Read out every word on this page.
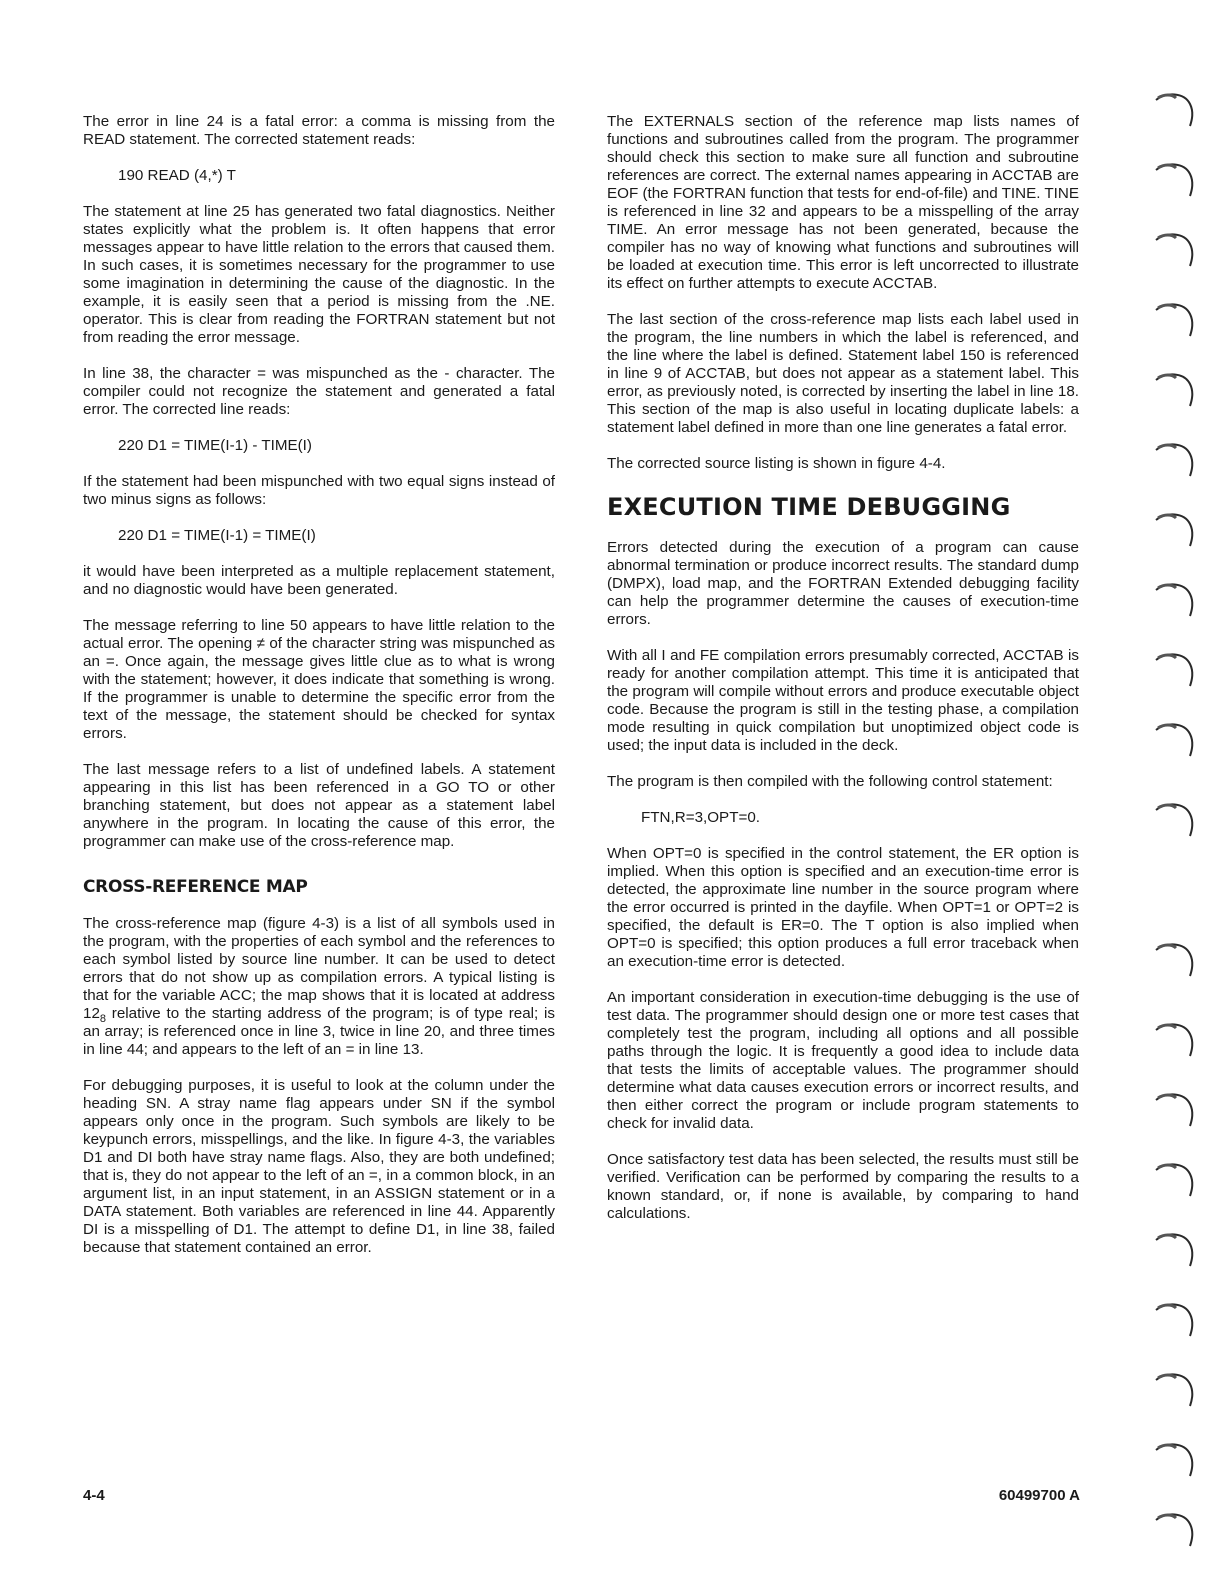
The error in line 24 is a fatal error: a comma is missing from the READ statement. The corrected statement reads:

190 READ (4,*) T

The statement at line 25 has generated two fatal diagnostics. Neither states explicitly what the problem is. It often happens that error messages appear to have little relation to the errors that caused them. In such cases, it is sometimes necessary for the programmer to use some imagination in determining the cause of the diagnostic. In the example, it is easily seen that a period is missing from the .NE. operator. This is clear from reading the FORTRAN statement but not from reading the error message.

In line 38, the character = was mispunched as the - character. The compiler could not recognize the statement and generated a fatal error. The corrected line reads:

220 D1 = TIME(I-1) - TIME(I)

If the statement had been mispunched with two equal signs instead of two minus signs as follows:

220 D1 = TIME(I-1) = TIME(I)

it would have been interpreted as a multiple replacement statement, and no diagnostic would have been generated.

The message referring to line 50 appears to have little relation to the actual error. The opening ≠ of the character string was mispunched as an =. Once again, the message gives little clue as to what is wrong with the statement; however, it does indicate that something is wrong. If the programmer is unable to determine the specific error from the text of the message, the statement should be checked for syntax errors.

The last message refers to a list of undefined labels. A statement appearing in this list has been referenced in a GO TO or other branching statement, but does not appear as a statement label anywhere in the program. In locating the cause of this error, the programmer can make use of the cross-reference map.

CROSS-REFERENCE MAP

The cross-reference map (figure 4-3) is a list of all symbols used in the program, with the properties of each symbol and the references to each symbol listed by source line number. It can be used to detect errors that do not show up as compilation errors. A typical listing is that for the variable ACC; the map shows that it is located at address $12_8$ relative to the starting address of the program; is of type real; is an array; is referenced once in line 3, twice in line 20, and three times in line 44; and appears to the left of an = in line 13.

For debugging purposes, it is useful to look at the column under the heading SN. A stray name flag appears under SN if the symbol appears only once in the program. Such symbols are likely to be keypunch errors, misspellings, and the like. In figure 4-3, the variables D1 and DI both have stray name flags. Also, they are both undefined; that is, they do not appear to the left of an =, in a common block, in an argument list, in an input statement, in an ASSIGN statement or in a DATA statement. Both variables are referenced in line 44. Apparently DI is a misspelling of D1. The attempt to define D1, in line 38, failed because that statement contained an error.

The EXTERNALS section of the reference map lists names of functions and subroutines called from the program. The programmer should check this section to make sure all function and subroutine references are correct. The external names appearing in ACCTAB are EOF (the FORTRAN function that tests for end-of-file) and TINE. TINE is referenced in line 32 and appears to be a misspelling of the array TIME. An error message has not been generated, because the compiler has no way of knowing what functions and subroutines will be loaded at execution time. This error is left uncorrected to illustrate its effect on further attempts to execute ACCTAB.

The last section of the cross-reference map lists each label used in the program, the line numbers in which the label is referenced, and the line where the label is defined. Statement label 150 is referenced in line 9 of ACCTAB, but does not appear as a statement label. This error, as previously noted, is corrected by inserting the label in line 18. This section of the map is also useful in locating duplicate labels: a statement label defined in more than one line generates a fatal error.

The corrected source listing is shown in figure 4-4.

EXECUTION TIME DEBUGGING

Errors detected during the execution of a program can cause abnormal termination or produce incorrect results. The standard dump (DMPX), load map, and the FORTRAN Extended debugging facility can help the programmer determine the causes of execution-time errors.

With all I and FE compilation errors presumably corrected, ACCTAB is ready for another compilation attempt. This time it is anticipated that the program will compile without errors and produce executable object code. Because the program is still in the testing phase, a compilation mode resulting in quick compilation but unoptimized object code is used; the input data is included in the deck.

The program is then compiled with the following control statement:

FTN,R=3,OPT=0.

When OPT=0 is specified in the control statement, the ER option is implied. When this option is specified and an execution-time error is detected, the approximate line number in the source program where the error occurred is printed in the dayfile. When OPT=1 or OPT=2 is specified, the default is ER=0. The T option is also implied when OPT=0 is specified; this option produces a full error traceback when an execution-time error is detected.

An important consideration in execution-time debugging is the use of test data. The programmer should design one or more test cases that completely test the program, including all options and all possible paths through the logic. It is frequently a good idea to include data that tests the limits of acceptable values. The programmer should determine what data causes execution errors or incorrect results, and then either correct the program or include program statements to check for invalid data.

Once satisfactory test data has been selected, the results must still be verified. Verification can be performed by comparing the results to a known standard, or, if none is available, by comparing to hand calculations.

4-4	60499700 A
